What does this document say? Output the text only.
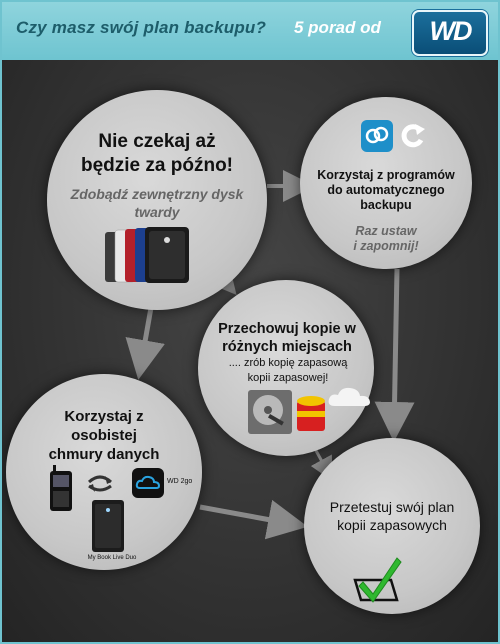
Czy masz swój plan backupu? 5 porad od	WD
Nie czekaj aż będzie za późno!
Zdobądź zewnętrzny dysk twardy
Korzystaj z programów do automatycznego backupu
Raz ustaw i zapomnij!
Przechowuj kopie w różnych miejscach
.... zrób kopię zapasową kopii zapasowej!
Korzystaj z osobistej chmury danych
WD 2go
My Book Live Duo
Przetestuj swój plan kopii zapasowych
